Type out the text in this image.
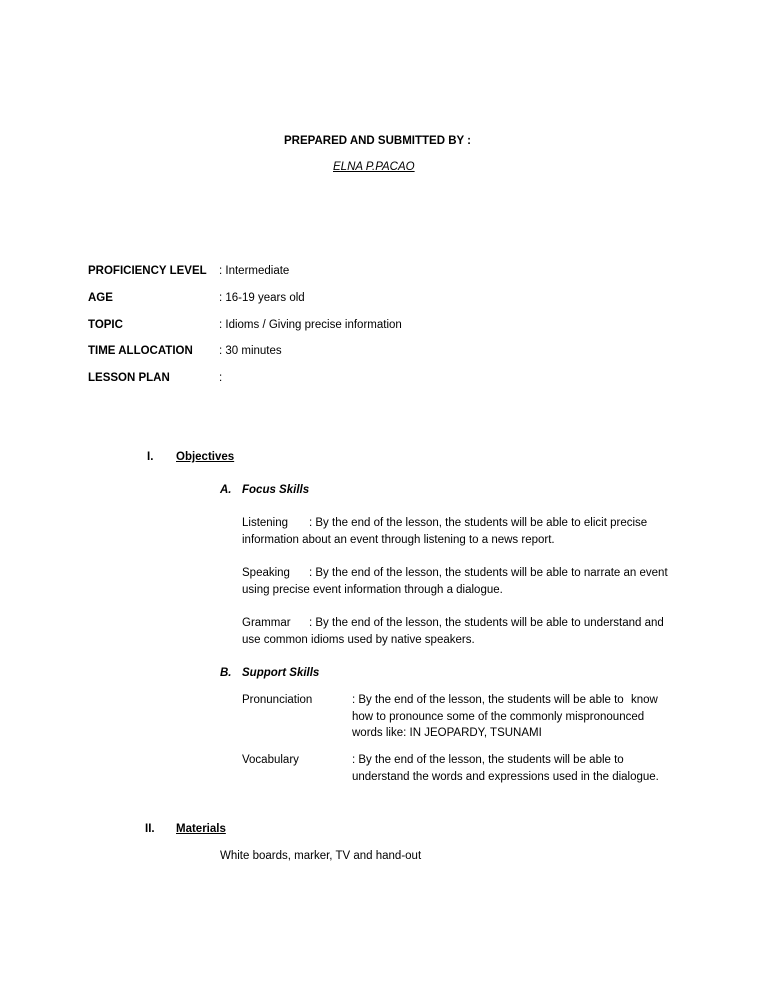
PREPARED AND SUBMITTED BY :
ELNA P.PACAO
PROFICIENCY LEVEL : Intermediate
AGE	: 16-19 years old
TOPIC	: Idioms / Giving precise information
TIME ALLOCATION : 30 minutes
LESSON PLAN	:
I. Objectives
A. Focus Skills
Listening : By the end of the lesson, the students will be able to elicit precise
information about an event through listening to a news report.
Speaking : By the end of the lesson, the students will be able to narrate an event
using precise event information through a dialogue.
Grammar : By the end of the lesson, the students will be able to understand and
use common idioms used by native speakers.
B. Support Skills
Pronunciation	: By the end of the lesson, the students will be able to know
how to pronounce some of the commonly mispronounced
words like: IN JEOPARDY, TSUNAMI
Vocabulary	: By the end of the lesson, the students will be able to
understand the words and expressions used in the dialogue.
II. Materials
White boards, marker, TV and hand-out
